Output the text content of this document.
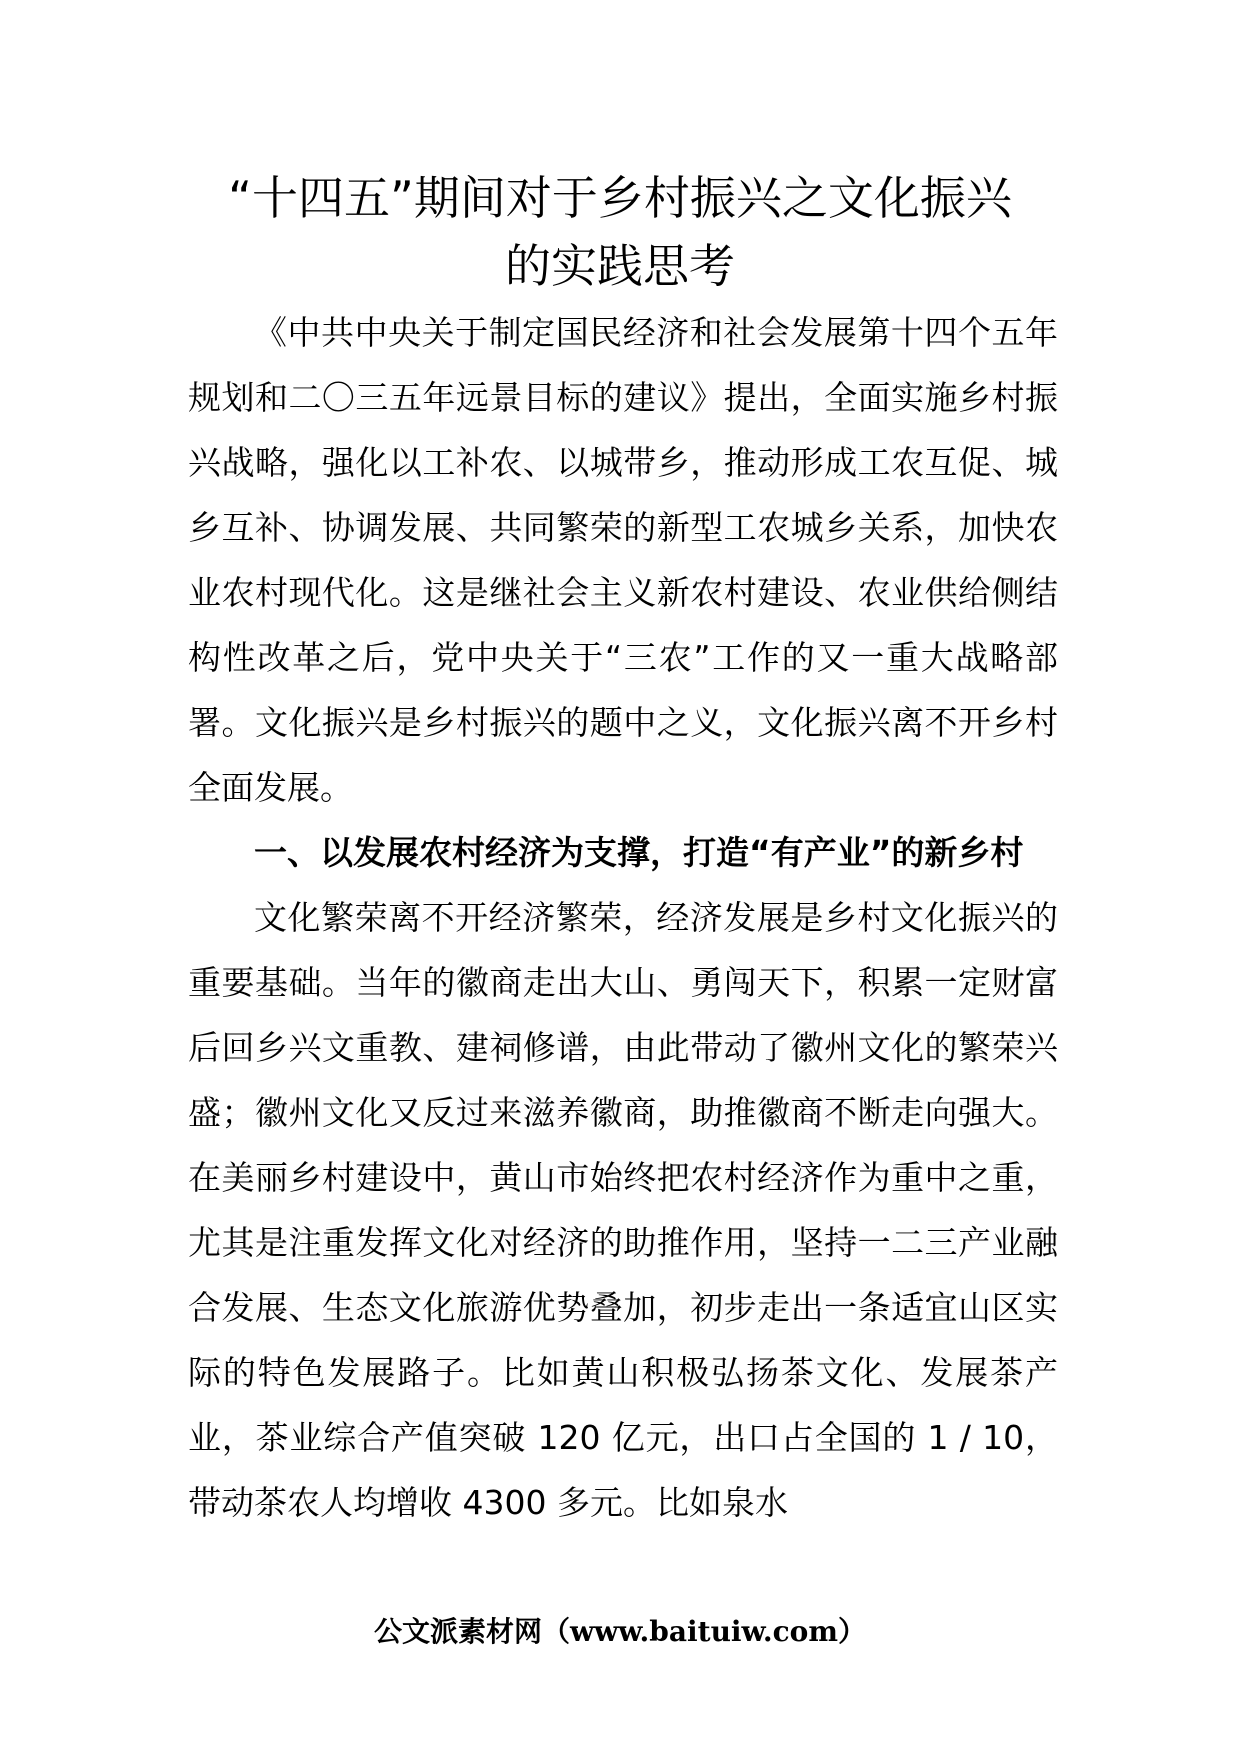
“十四五”期间对于乡村振兴之文化振兴
的实践思考

《中共中央关于制定国民经济和社会发展第十四个五年规划和二〇三五年远景目标的建议》提出，全面实施乡村振兴战略，强化以工补农、以城带乡，推动形成工农互促、城乡互补、协调发展、共同繁荣的新型工农城乡关系，加快农业农村现代化。这是继社会主义新农村建设、农业供给侧结构性改革之后，党中央关于“三农”工作的又一重大战略部署。文化振兴是乡村振兴的题中之义，文化振兴离不开乡村全面发展。

一、以发展农村经济为支撑，打造“有产业”的新乡村

文化繁荣离不开经济繁荣，经济发展是乡村文化振兴的重要基础。当年的徽商走出大山、勇闯天下，积累一定财富后回乡兴文重教、建祠修谱，由此带动了徽州文化的繁荣兴盛；徽州文化又反过来滋养徽商，助推徽商不断走向强大。在美丽乡村建设中，黄山市始终把农村经济作为重中之重，尤其是注重发挥文化对经济的助推作用，坚持一二三产业融合发展、生态文化旅游优势叠加，初步走出一条适宜山区实际的特色发展路子。比如黄山积极弘扬茶文化、发展茶产业，茶业综合产值突破 120 亿元，出口占全国的 1 / 10，带动茶农人均增收 4300 多元。比如泉水

公文派素材网（www.baituiw.com）
